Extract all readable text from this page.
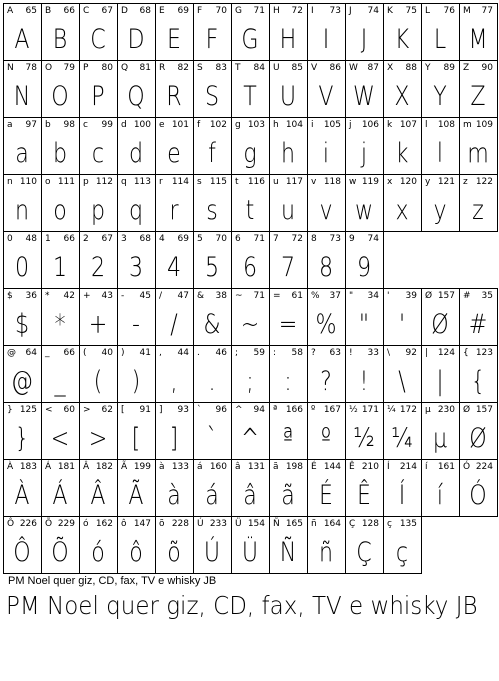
A 65
A
B 66
B
C 67
C
D 68
D
E 69
E
F 70
F
G 71
G
H 72
H
I 73
I
J 74
J
K 75
K
L 76
L
M 77
M
N 78
N
O 79
O
P 80
P
Q 81
Q
R 82
R
S 83
S
T 84
T
U 85
U
V 86
V
W 87
W
X 88
X
Y 89
Y
Z 90
Z
a 97
a
b 98
b
c 99
c
d 100
d
e 101
e
f 102
f
g 103
g
h 104
h
i 105
i
j 106
j
k 107
k
l 108
l
m 109
m
n 110
n
o 111
o
p 112
p
q 113
q
r 114
r
s 115
s
t 116
t
u 117
u
v 118
v
w 119
w
x 120
x
y 121
y
z 122
z
0 48
0
1 66
1
2 67
2
3 68
3
4 69
4
5 70
5
6 71
6
7 72
7
8 73
8
9 74
9
$ 36
$
* 42
*
+ 43
+
- 45
-
/ 47
/
& 38
&
~ 71
~
= 61
=
% 37
%
" 34
"
' 39
'
Ø 157
Ø
# 35
#
@ 64
@
_ 66
_
( 40
(
) 41
)
, 44
,
. 46
.
; 59
;
: 58
:
? 63
?
! 33
!
\ 92
\
| 124
|
{ 123
{
} 125
}
< 60
<
> 62
>
[ 91
[
] 93
]
` 96
`
^ 94
^
ª 166
ª
º 167
º
½ 171
½
¼ 172
¼
µ 230
µ
Ø 157
Ø
À 183
À
Á 181
Á
Â 182
Â
Ã 199
Ã
à 133
à
á 160
á
â 131
â
ã 198
ã
É 144
É
Ê 210
Ê
Í 214
Í
í 161
í
Ó 224
Ó
Ô 226
Ô
Õ 229
Õ
ó 162
ó
ô 147
ô
õ 228
õ
Ú 233
Ú
Ü 154
Ü
Ñ 165
Ñ
ñ 164
ñ
Ç 128
Ç
ç 135
ç
PM Noel quer giz, CD, fax, TV e whisky JB
PM Noel quer giz, CD, fax, TV e whisky JB
